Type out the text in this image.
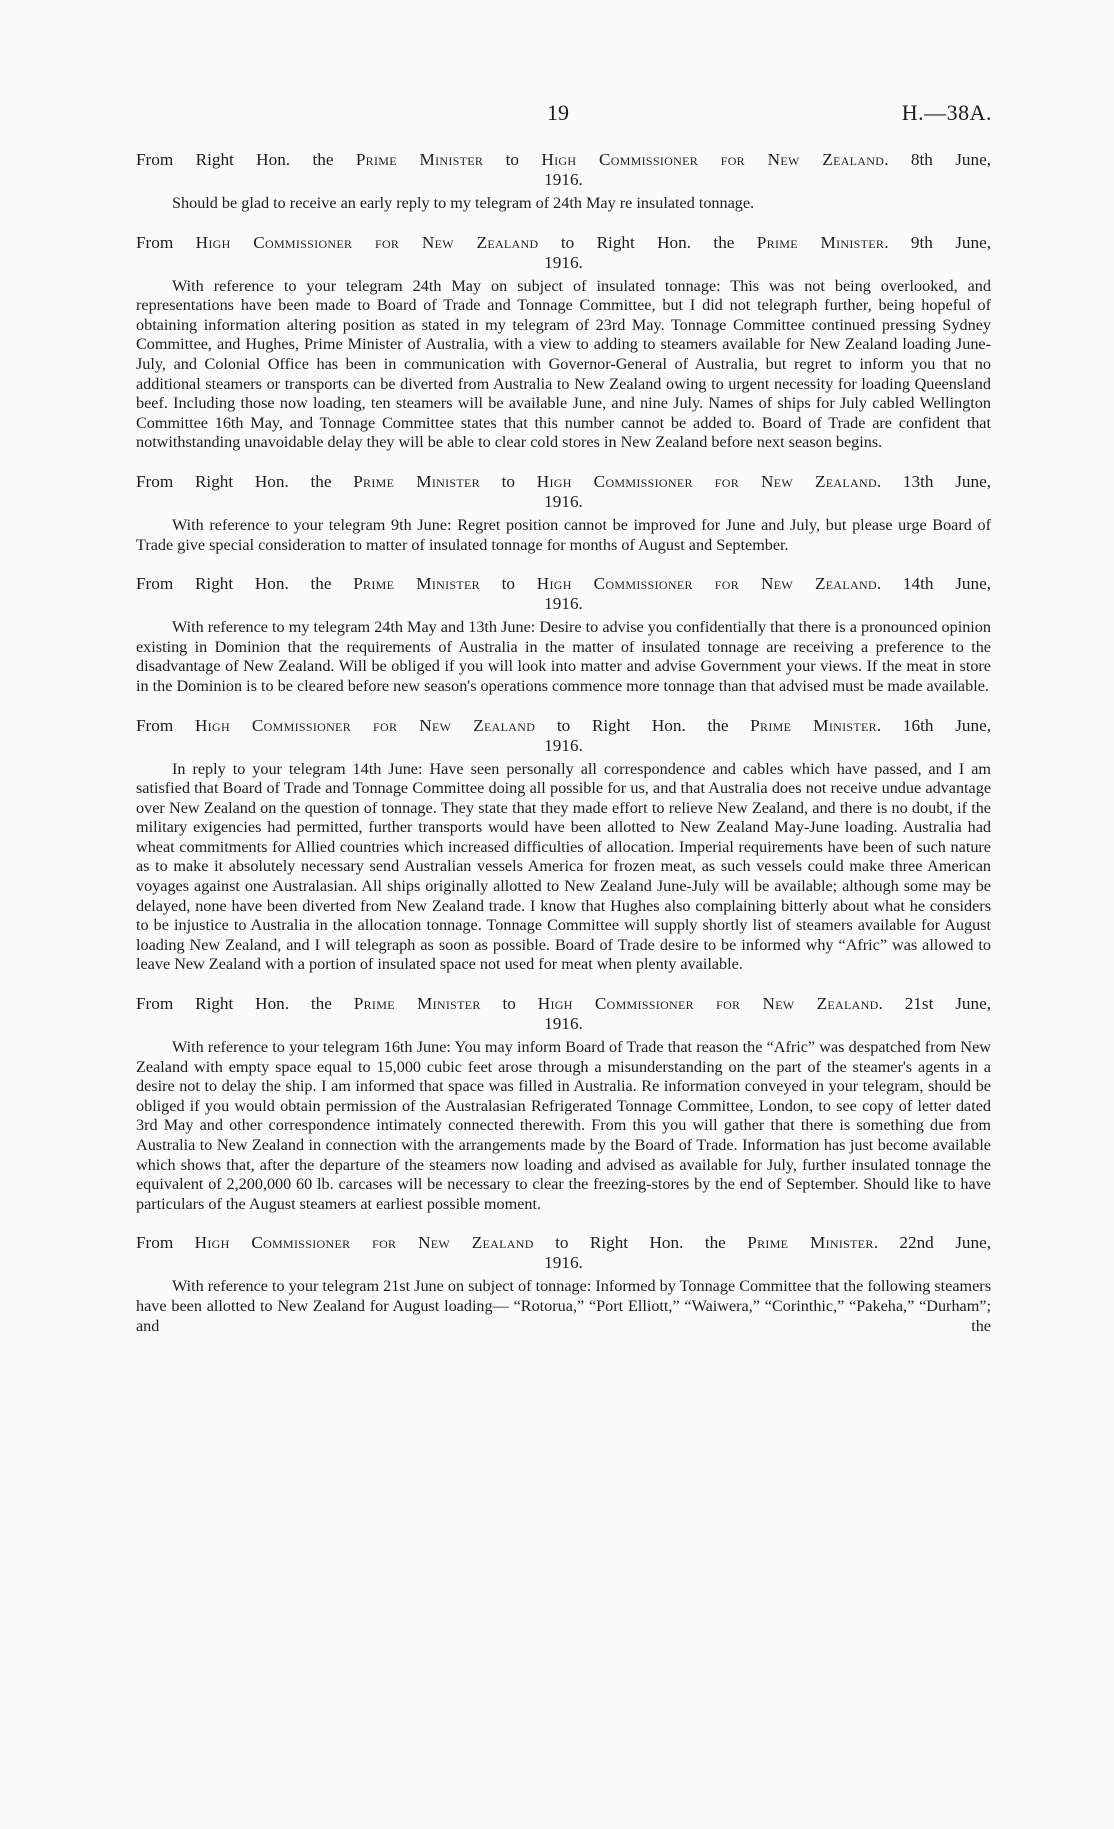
19	H.—38A.
From Right Hon. the Prime Minister to High Commissioner for New Zealand. 8th June,
1916.

Should be glad to receive an early reply to my telegram of 24th May re insulated tonnage.

From High Commissioner for New Zealand to Right Hon. the Prime Minister. 9th June,
1916.

With reference to your telegram 24th May on subject of insulated tonnage: This was not being overlooked, and representations have been made to Board of Trade and Tonnage Committee, but I did not telegraph further, being hopeful of obtaining information altering position as stated in my telegram of 23rd May. Tonnage Committee continued pressing Sydney Committee, and Hughes, Prime Minister of Australia, with a view to adding to steamers available for New Zealand loading June-July, and Colonial Office has been in communication with Governor-General of Australia, but regret to inform you that no additional steamers or transports can be diverted from Australia to New Zealand owing to urgent necessity for loading Queensland beef. Including those now loading, ten steamers will be available June, and nine July. Names of ships for July cabled Wellington Committee 16th May, and Tonnage Committee states that this number cannot be added to. Board of Trade are confident that notwithstanding unavoidable delay they will be able to clear cold stores in New Zealand before next season begins.

From Right Hon. the Prime Minister to High Commissioner for New Zealand. 13th June,
1916.

With reference to your telegram 9th June: Regret position cannot be improved for June and July, but please urge Board of Trade give special consideration to matter of insulated tonnage for months of August and September.

From Right Hon. the Prime Minister to High Commissioner for New Zealand. 14th June,
1916.

With reference to my telegram 24th May and 13th June: Desire to advise you confidentially that there is a pronounced opinion existing in Dominion that the requirements of Australia in the matter of insulated tonnage are receiving a preference to the disadvantage of New Zealand. Will be obliged if you will look into matter and advise Government your views. If the meat in store in the Dominion is to be cleared before new season's operations commence more tonnage than that advised must be made available.

From High Commissioner for New Zealand to Right Hon. the Prime Minister. 16th June,
1916.

In reply to your telegram 14th June: Have seen personally all correspondence and cables which have passed, and I am satisfied that Board of Trade and Tonnage Committee doing all possible for us, and that Australia does not receive undue advantage over New Zealand on the question of tonnage. They state that they made effort to relieve New Zealand, and there is no doubt, if the military exigencies had permitted, further transports would have been allotted to New Zealand May-June loading. Australia had wheat commitments for Allied countries which increased difficulties of allocation. Imperial requirements have been of such nature as to make it absolutely necessary send Australian vessels America for frozen meat, as such vessels could make three American voyages against one Australasian. All ships originally allotted to New Zealand June-July will be available; although some may be delayed, none have been diverted from New Zealand trade. I know that Hughes also complaining bitterly about what he considers to be injustice to Australia in the allocation tonnage. Tonnage Committee will supply shortly list of steamers available for August loading New Zealand, and I will telegraph as soon as possible. Board of Trade desire to be informed why “Afric” was allowed to leave New Zealand with a portion of insulated space not used for meat when plenty available.

From Right Hon. the Prime Minister to High Commissioner for New Zealand. 21st June,
1916.

With reference to your telegram 16th June: You may inform Board of Trade that reason the “Afric” was despatched from New Zealand with empty space equal to 15,000 cubic feet arose through a misunderstanding on the part of the steamer's agents in a desire not to delay the ship. I am informed that space was filled in Australia. Re information conveyed in your telegram, should be obliged if you would obtain permission of the Australasian Refrigerated Tonnage Committee, London, to see copy of letter dated 3rd May and other correspondence intimately connected therewith. From this you will gather that there is something due from Australia to New Zealand in connection with the arrangements made by the Board of Trade. Information has just become available which shows that, after the departure of the steamers now loading and advised as available for July, further insulated tonnage the equivalent of 2,200,000 60 lb. carcases will be necessary to clear the freezing-stores by the end of September. Should like to have particulars of the August steamers at earliest possible moment.

From High Commissioner for New Zealand to Right Hon. the Prime Minister. 22nd June,
1916.

With reference to your telegram 21st June on subject of tonnage: Informed by Tonnage Committee that the following steamers have been allotted to New Zealand for August loading— “Rotorua,” “Port Elliott,” “Waiwera,” “Corinthic,” “Pakeha,” “Durham”; and the
